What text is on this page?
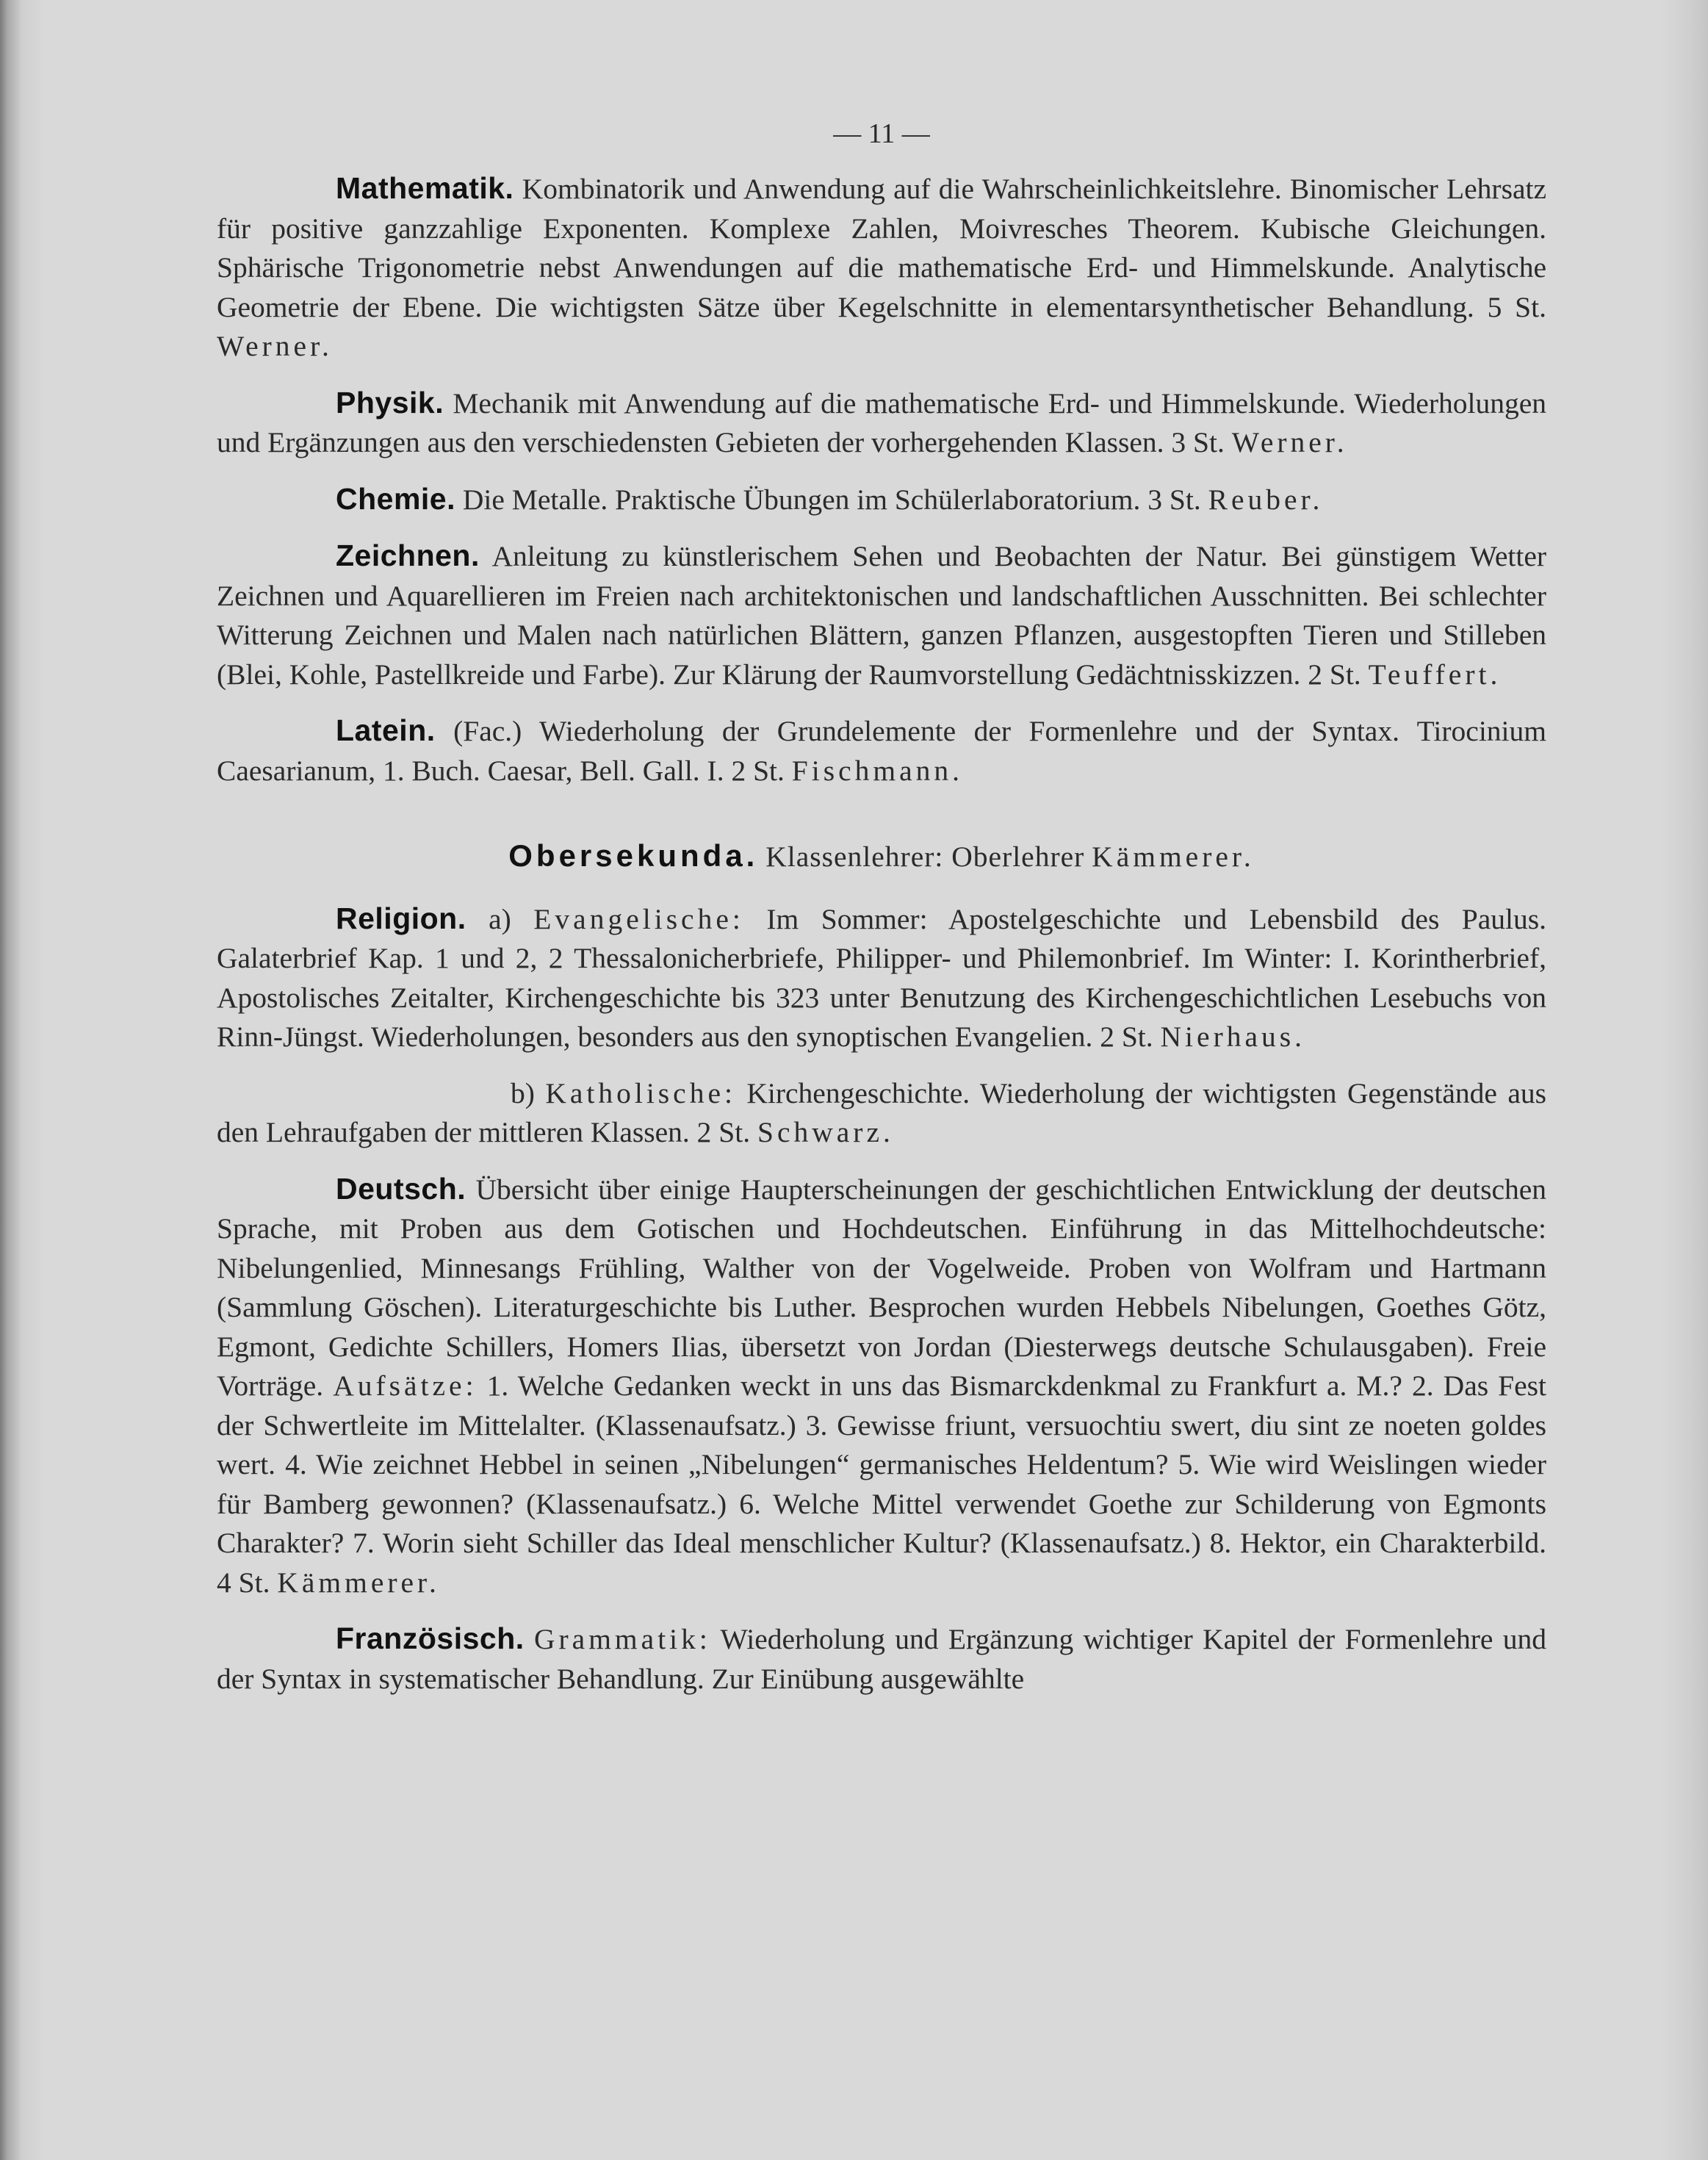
— 11 —

Mathematik. Kombinatorik und Anwendung auf die Wahrscheinlichkeitslehre. Binomischer Lehrsatz für positive ganzzahlige Exponenten. Komplexe Zahlen, Moivresches Theorem. Kubische Gleichungen. Sphärische Trigonometrie nebst Anwendungen auf die mathematische Erd- und Himmelskunde. Analytische Geometrie der Ebene. Die wichtigsten Sätze über Kegelschnitte in elementarsynthetischer Behandlung. 5 St. Werner.

Physik. Mechanik mit Anwendung auf die mathematische Erd- und Himmelskunde. Wiederholungen und Ergänzungen aus den verschiedensten Gebieten der vorhergehenden Klassen. 3 St. Werner.

Chemie. Die Metalle. Praktische Übungen im Schülerlaboratorium. 3 St. Reuber.

Zeichnen. Anleitung zu künstlerischem Sehen und Beobachten der Natur. Bei günstigem Wetter Zeichnen und Aquarellieren im Freien nach architektonischen und landschaftlichen Ausschnitten. Bei schlechter Witterung Zeichnen und Malen nach natürlichen Blättern, ganzen Pflanzen, ausgestopften Tieren und Stilleben (Blei, Kohle, Pastellkreide und Farbe). Zur Klärung der Raumvorstellung Gedächtnisskizzen. 2 St. Teuffert.

Latein. (Fac.) Wiederholung der Grundelemente der Formenlehre und der Syntax. Tirocinium Caesarianum, 1. Buch. Caesar, Bell. Gall. I. 2 St. Fischmann.

Obersekunda. Klassenlehrer: Oberlehrer Kämmerer.

Religion. a) Evangelische: Im Sommer: Apostelgeschichte und Lebensbild des Paulus. Galaterbrief Kap. 1 und 2, 2 Thessalonicherbriefe, Philipper- und Philemonbrief. Im Winter: I. Korintherbrief, Apostolisches Zeitalter, Kirchengeschichte bis 323 unter Benutzung des Kirchengeschichtlichen Lesebuchs von Rinn-Jüngst. Wiederholungen, besonders aus den synoptischen Evangelien. 2 St. Nierhaus.

b) Katholische: Kirchengeschichte. Wiederholung der wichtigsten Gegenstände aus den Lehraufgaben der mittleren Klassen. 2 St. Schwarz.

Deutsch. Übersicht über einige Haupterscheinungen der geschichtlichen Entwicklung der deutschen Sprache, mit Proben aus dem Gotischen und Hochdeutschen. Einführung in das Mittelhochdeutsche: Nibelungenlied, Minnesangs Frühling, Walther von der Vogelweide. Proben von Wolfram und Hartmann (Sammlung Göschen). Literaturgeschichte bis Luther. Besprochen wurden Hebbels Nibelungen, Goethes Götz, Egmont, Gedichte Schillers, Homers Ilias, übersetzt von Jordan (Diesterwegs deutsche Schulausgaben). Freie Vorträge. Aufsätze: 1. Welche Gedanken weckt in uns das Bismarckdenkmal zu Frankfurt a. M.? 2. Das Fest der Schwertleite im Mittelalter. (Klassenaufsatz.) 3. Gewisse friunt, versuochtiu swert, diu sint ze noeten goldes wert. 4. Wie zeichnet Hebbel in seinen „Nibelungen“ germanisches Heldentum? 5. Wie wird Weislingen wieder für Bamberg gewonnen? (Klassenaufsatz.) 6. Welche Mittel verwendet Goethe zur Schilderung von Egmonts Charakter? 7. Worin sieht Schiller das Ideal menschlicher Kultur? (Klassenaufsatz.) 8. Hektor, ein Charakterbild. 4 St. Kämmerer.

Französisch. Grammatik: Wiederholung und Ergänzung wichtiger Kapitel der Formenlehre und der Syntax in systematischer Behandlung. Zur Einübung ausgewählte
